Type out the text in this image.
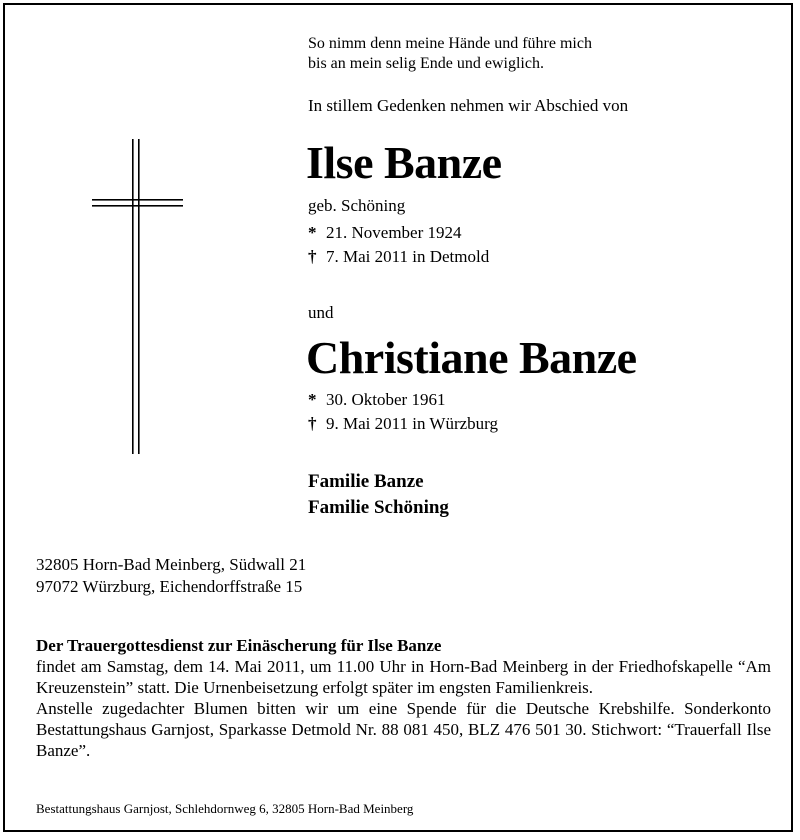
So nimm denn meine Hände und führe mich
bis an mein selig Ende und ewiglich.
In stillem Gedenken nehmen wir Abschied von
Ilse Banze
geb. Schöning
* 21. November 1924
† 7. Mai 2011 in Detmold
und
Christiane Banze
* 30. Oktober 1961
† 9. Mai 2011 in Würzburg
Familie Banze
Familie Schöning
32805 Horn-Bad Meinberg, Südwall 21
97072 Würzburg, Eichendorffstraße 15
Der Trauergottesdienst zur Einäscherung für Ilse Banze
findet am Samstag, dem 14. Mai 2011, um 11.00 Uhr in Horn-Bad Meinberg in der Friedhofskapelle “Am Kreuzenstein” statt. Die Urnenbeisetzung erfolgt später im engsten Familienkreis.
Anstelle zugedachter Blumen bitten wir um eine Spende für die Deutsche Krebshilfe. Sonderkonto Bestattungshaus Garnjost, Sparkasse Detmold Nr. 88 081 450, BLZ 476 501 30. Stichwort: “Trauerfall Ilse Banze”.
Bestattungshaus Garnjost, Schlehdornweg 6, 32805 Horn-Bad Meinberg
